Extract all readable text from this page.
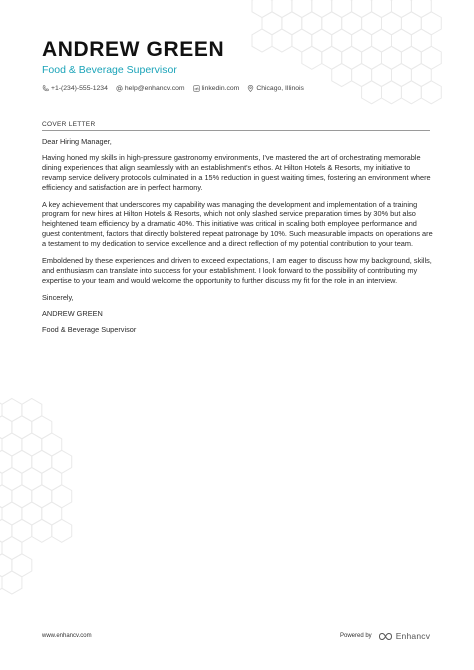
ANDREW GREEN
Food & Beverage Supervisor
+1-(234)-555-1234	help@enhancv.com	linkedin.com	Chicago, Illinois
COVER LETTER

Dear Hiring Manager,

Having honed my skills in high-pressure gastronomy environments, I've mastered the art of orchestrating memorable dining experiences that align seamlessly with an establishment's ethos. At Hilton Hotels & Resorts, my initiative to revamp service delivery protocols culminated in a 15% reduction in guest waiting times, fostering an environment where efficiency and satisfaction are in perfect harmony.

A key achievement that underscores my capability was managing the development and implementation of a training program for new hires at Hilton Hotels & Resorts, which not only slashed service preparation times by 30% but also heightened team efficiency by a dramatic 40%. This initiative was critical in scaling both employee performance and guest contentment, factors that directly bolstered repeat patronage by 10%. Such measurable impacts on operations are a testament to my dedication to service excellence and a direct reflection of my potential contribution to your team.

Emboldened by these experiences and driven to exceed expectations, I am eager to discuss how my background, skills, and enthusiasm can translate into success for your establishment. I look forward to the possibility of contributing my expertise to your team and would welcome the opportunity to further discuss my fit for the role in an interview.

Sincerely,

ANDREW GREEN

Food & Beverage Supervisor

www.enhancv.com	Powered by	Enhancv
